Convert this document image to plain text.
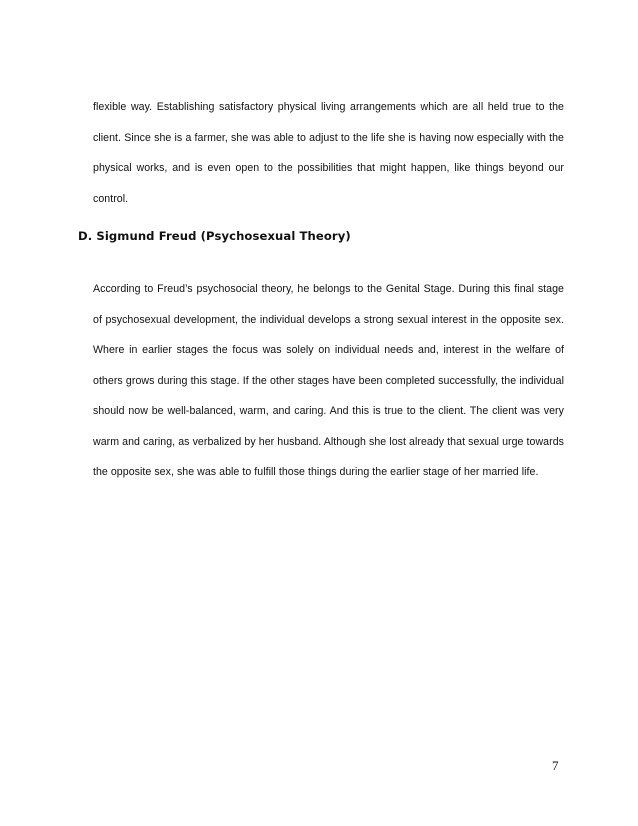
flexible way. Establishing satisfactory physical living arrangements which are all held true to the client. Since she is a farmer, she was able to adjust to the life she is having now especially with the physical works, and is even open to the possibilities that might happen, like things beyond our control.

D. Sigmund Freud (Psychosexual Theory)

According to Freud’s psychosocial theory, he belongs to the Genital Stage. During this final stage of psychosexual development, the individual develops a strong sexual interest in the opposite sex. Where in earlier stages the focus was solely on individual needs and, interest in the welfare of others grows during this stage. If the other stages have been completed successfully, the individual should now be well-balanced, warm, and caring. And this is true to the client. The client was very warm and caring, as verbalized by her husband. Although she lost already that sexual urge towards the opposite sex, she was able to fulfill those things during the earlier stage of her married life.

7
